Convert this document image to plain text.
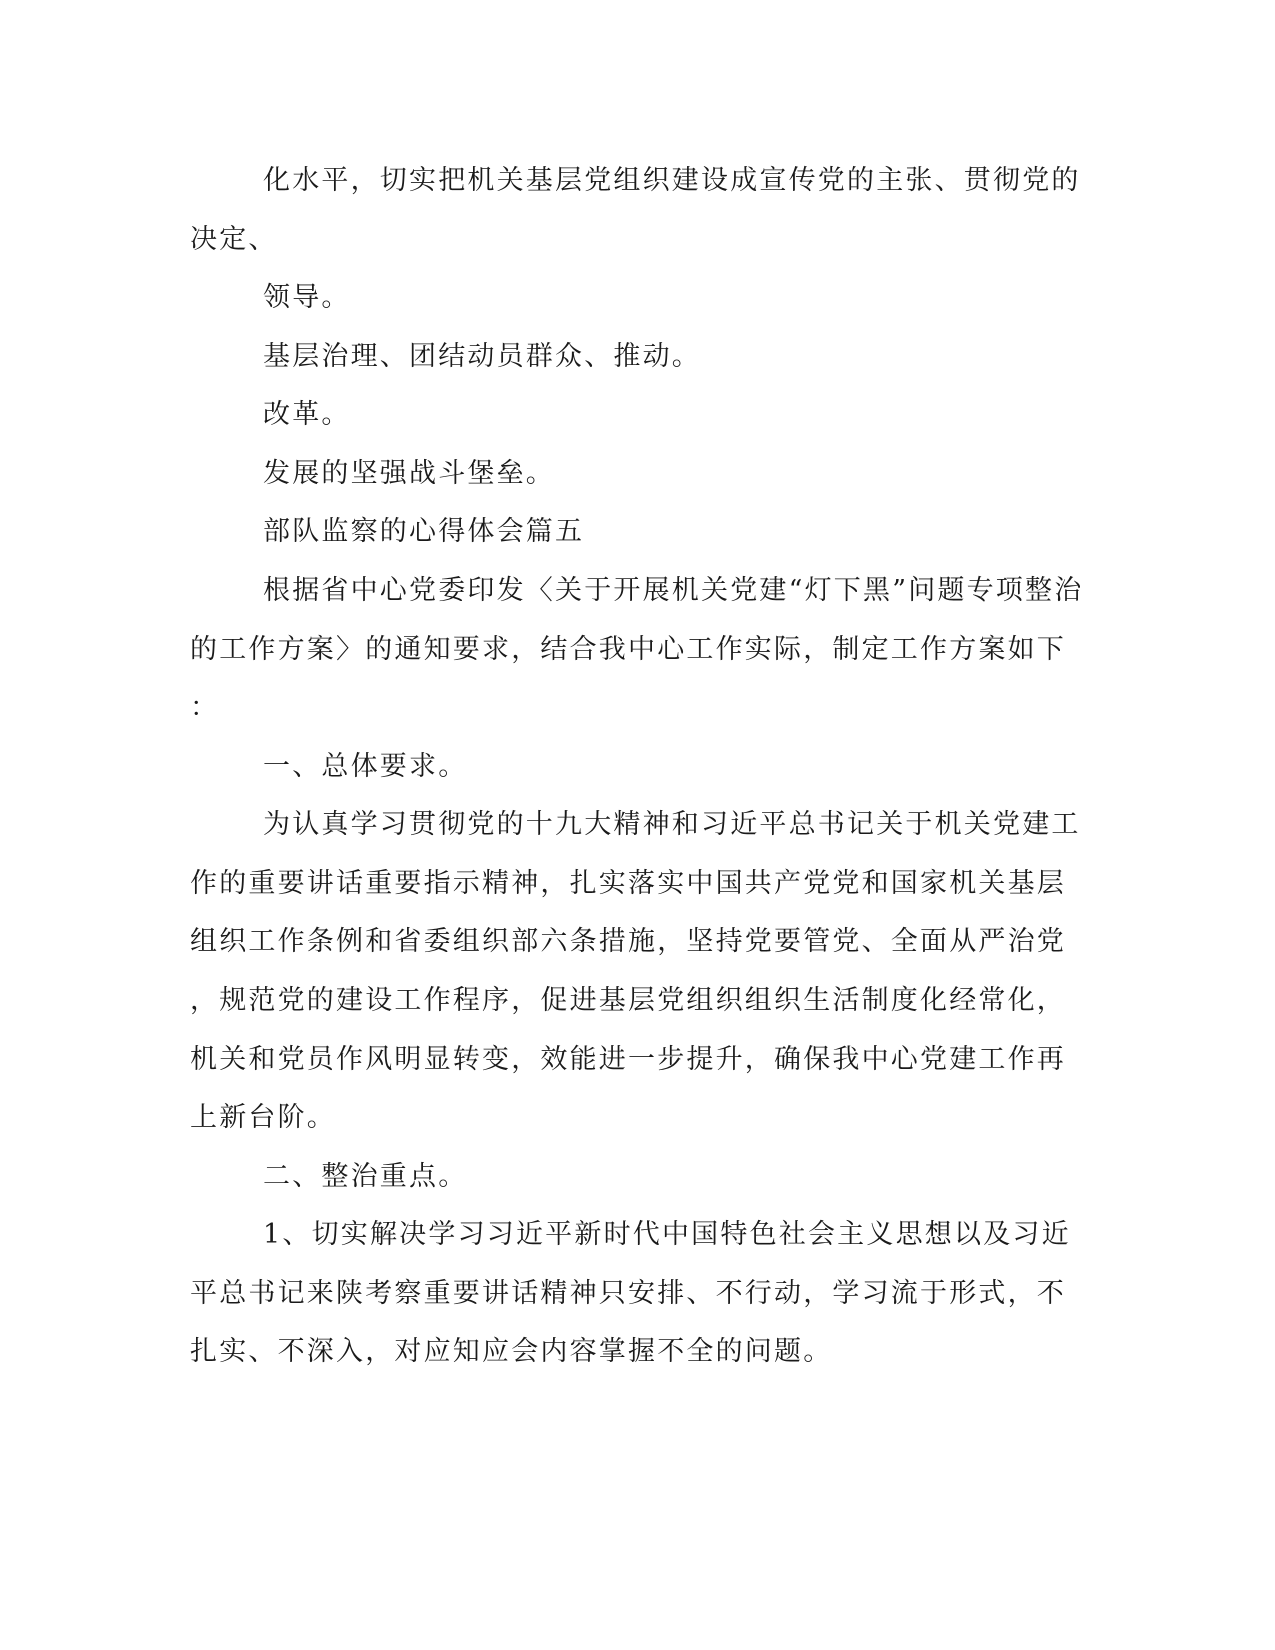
化水平，切实把机关基层党组织建设成宣传党的主张、贯彻党的
决定、
领导。
基层治理、团结动员群众、推动。
改革。
发展的坚强战斗堡垒。
部队监察的心得体会篇五
根据省中心党委印发〈关于开展机关党建“灯下黑”问题专项整治
的工作方案〉的通知要求，结合我中心工作实际，制定工作方案如下
：
一、总体要求。
为认真学习贯彻党的十九大精神和习近平总书记关于机关党建工
作的重要讲话重要指示精神，扎实落实中国共产党党和国家机关基层
组织工作条例和省委组织部六条措施，坚持党要管党、全面从严治党
，规范党的建设工作程序，促进基层党组织组织生活制度化经常化，
机关和党员作风明显转变，效能进一步提升，确保我中心党建工作再
上新台阶。
二、整治重点。
1、切实解决学习习近平新时代中国特色社会主义思想以及习近
平总书记来陕考察重要讲话精神只安排、不行动，学习流于形式，不
扎实、不深入，对应知应会内容掌握不全的问题。
